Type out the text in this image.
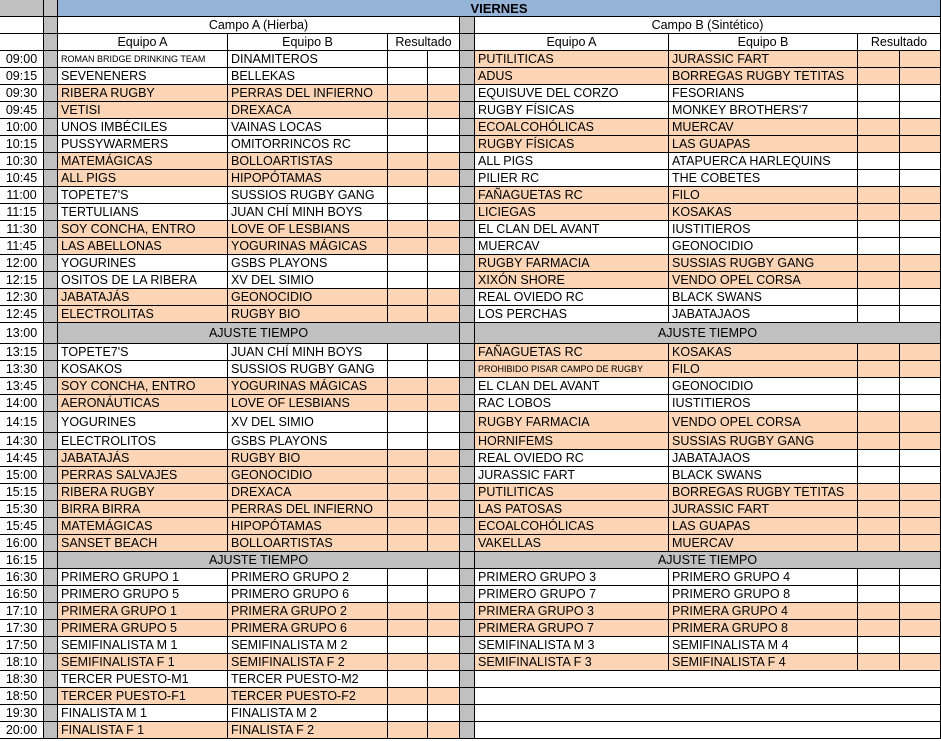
VIERNES
Campo A (Hierba)	Campo B (Sintético)
Equipo A	Equipo B	Resultado	Equipo A	Equipo B	Resultado
09:00	ROMAN BRIDGE DRINKING TEAM	DINAMITEROS	PUTILITICAS	JURASSIC FART
09:15	SEVENENERS	BELLEKAS	ADUS	BORREGAS RUGBY TETITAS
09:30	RIBERA RUGBY	PERRAS DEL INFIERNO	EQUISUVE DEL CORZO	FESORIANS
09:45	VETISI	DREXACA	RUGBY FÍSICAS	MONKEY BROTHERS'7
10:00	UNOS IMBÉCILES	VAINAS LOCAS	ECOALCOHÓLICAS	MUERCAV
10:15	PUSSYWARMERS	OMITORRINCOS RC	RUGBY FÍSICAS	LAS GUAPAS
10:30	MATEMÁGICAS	BOLLOARTISTAS	ALL PIGS	ATAPUERCA HARLEQUINS
10:45	ALL PIGS	HIPOPÓTAMAS	PILIER RC	THE COBETES
11:00	TOPETE7'S	SUSSIOS RUGBY GANG	FAÑAGUETAS RC	FILO
11:15	TERTULIANS	JUAN CHÍ MINH BOYS	LICIEGAS	KOSAKAS
11:30	SOY CONCHA, ENTRO	LOVE OF LESBIANS	EL CLAN DEL AVANT	IUSTITIEROS
11:45	LAS ABELLONAS	YOGURINAS MÁGICAS	MUERCAV	GEONOCIDIO
12:00	YOGURINES	GSBS PLAYONS	RUGBY FARMACIA	SUSSIAS RUGBY GANG
12:15	OSITOS DE LA RIBERA	XV DEL SIMIO	XIXÓN SHORE	VENDO OPEL CORSA
12:30	JABATAJÁS	GEONOCIDIO	REAL OVIEDO RC	BLACK SWANS
12:45	ELECTROLITAS	RUGBY BIO	LOS PERCHAS	JABATAJAOS
13:00	AJUSTE TIEMPO	AJUSTE TIEMPO
13:15	TOPETE7'S	JUAN CHÍ MINH BOYS	FAÑAGUETAS RC	KOSAKAS
13:30	KOSAKOS	SUSSIOS RUGBY GANG	PROHIBIDO PISAR CAMPO DE RUGBY	FILO
13:45	SOY CONCHA, ENTRO	YOGURINAS MÁGICAS	EL CLAN DEL AVANT	GEONOCIDIO
14:00	AERONÁUTICAS	LOVE OF LESBIANS	RAC LOBOS	IUSTITIEROS
14:15	YOGURINES	XV DEL SIMIO	RUGBY FARMACIA	VENDO OPEL CORSA
14:30	ELECTROLITOS	GSBS PLAYONS	HORNIFEMS	SUSSIAS RUGBY GANG
14:45	JABATAJÁS	RUGBY BIO	REAL OVIEDO RC	JABATAJAOS
15:00	PERRAS SALVAJES	GEONOCIDIO	JURASSIC FART	BLACK SWANS
15:15	RIBERA RUGBY	DREXACA	PUTILITICAS	BORREGAS RUGBY TETITAS
15:30	BIRRA BIRRA	PERRAS DEL INFIERNO	LAS PATOSAS	JURASSIC FART
15:45	MATEMÁGICAS	HIPOPÓTAMAS	ECOALCOHÓLICAS	LAS GUAPAS
16:00	SANSET BEACH	BOLLOARTISTAS	VAKELLAS	MUERCAV
16:15	AJUSTE TIEMPO	AJUSTE TIEMPO
16:30	PRIMERO GRUPO 1	PRIMERO GRUPO 2	PRIMERO GRUPO 3	PRIMERO GRUPO 4
16:50	PRIMERO GRUPO 5	PRIMERO GRUPO 6	PRIMERO GRUPO 7	PRIMERO GRUPO 8
17:10	PRIMERA GRUPO 1	PRIMERA GRUPO 2	PRIMERA GRUPO 3	PRIMERA GRUPO 4
17:30	PRIMERA GRUPO 5	PRIMERA GRUPO 6	PRIMERA GRUPO 7	PRIMERA GRUPO 8
17:50	SEMIFINALISTA M 1	SEMIFINALISTA M 2	SEMIFINALISTA M 3	SEMIFINALISTA M 4
18:10	SEMIFINALISTA F 1	SEMIFINALISTA F 2	SEMIFINALISTA F 3	SEMIFINALISTA F 4
18:30	TERCER PUESTO-M1	TERCER PUESTO-M2
18:50	TERCER PUESTO-F1	TERCER PUESTO-F2
19:30	FINALISTA M 1	FINALISTA M 2
20:00	FINALISTA F 1	FINALISTA F 2
